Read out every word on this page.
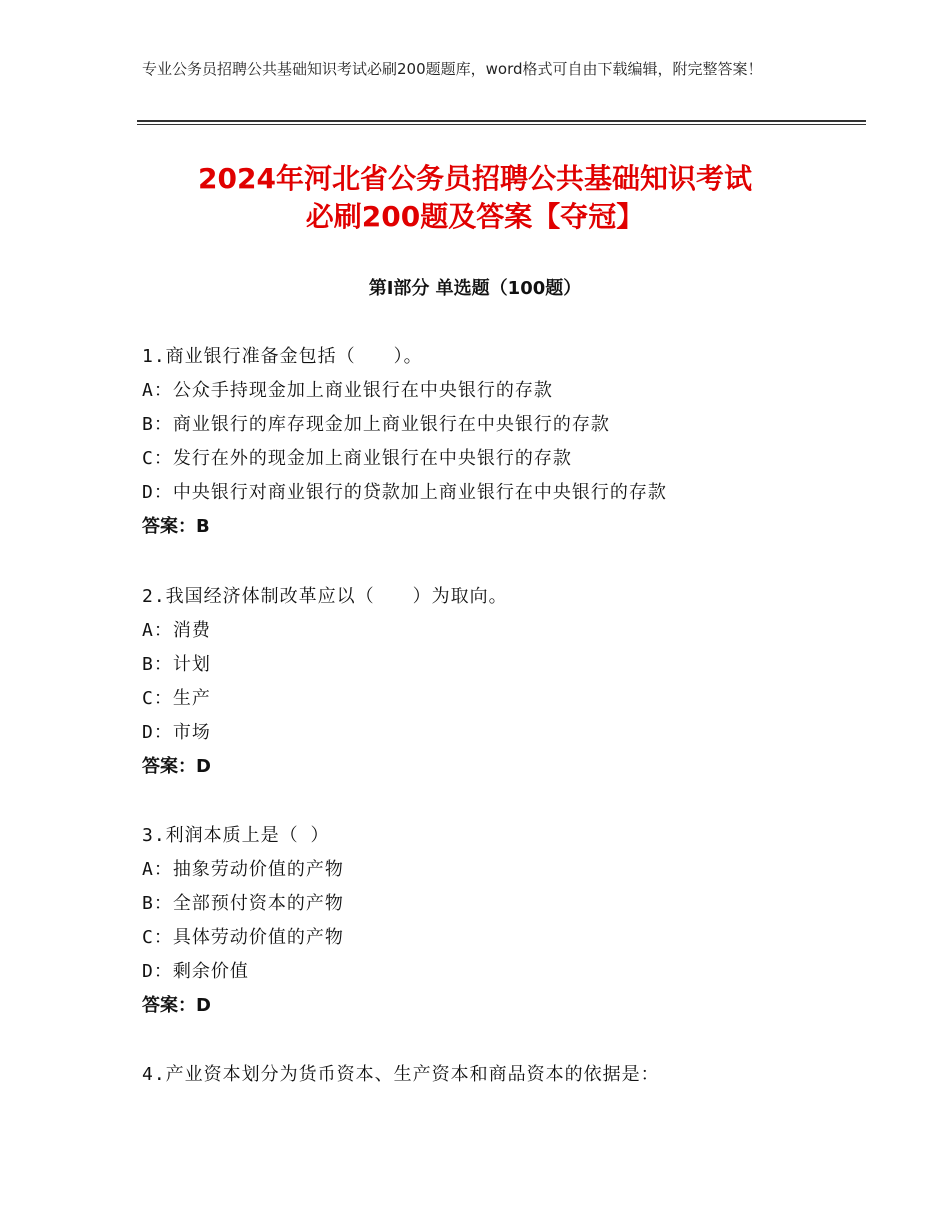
专业公务员招聘公共基础知识考试必刷200题题库，word格式可自由下载编辑，附完整答案！
2024年河北省公务员招聘公共基础知识考试
必刷200题及答案【夺冠】
第Ⅰ部分 单选题（100题）
1.商业银行准备金包括（　　）。
A：公众手持现金加上商业银行在中央银行的存款
B：商业银行的库存现金加上商业银行在中央银行的存款
C：发行在外的现金加上商业银行在中央银行的存款
D：中央银行对商业银行的贷款加上商业银行在中央银行的存款
答案：B
2.我国经济体制改革应以（　　）为取向。
A：消费
B：计划
C：生产
D：市场
答案：D
3.利润本质上是（ ）
A：抽象劳动价值的产物
B：全部预付资本的产物
C：具体劳动价值的产物
D：剩余价值
答案：D
4.产业资本划分为货币资本、生产资本和商品资本的依据是：
